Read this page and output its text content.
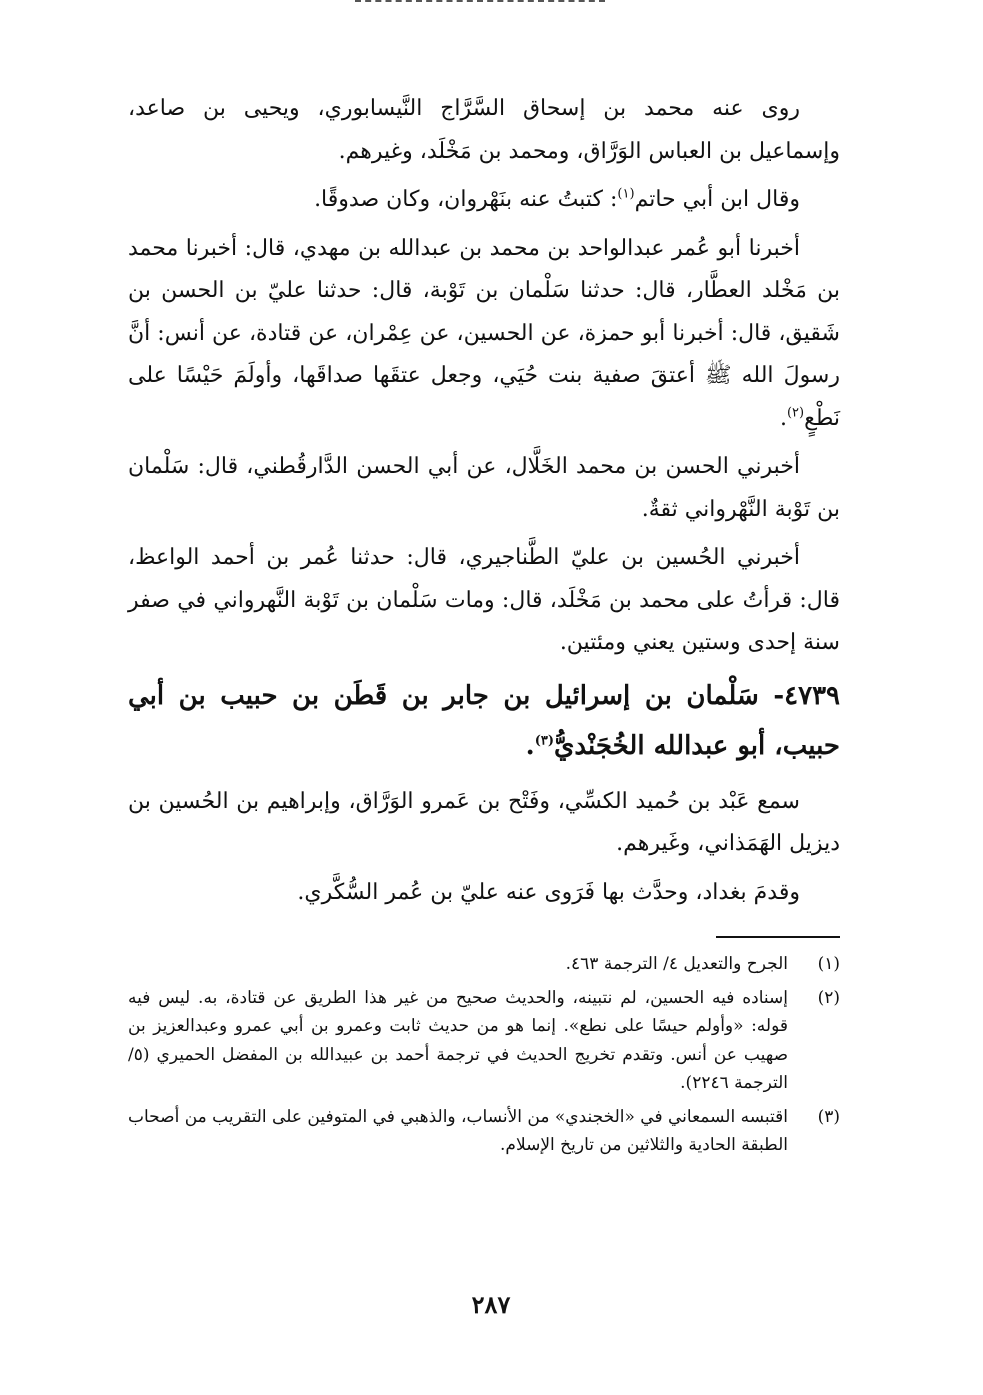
روى عنه محمد بن إسحاق السَّرَّاج النَّيسابوري، ويحيى بن صاعد، وإسماعيل بن العباس الوَرَّاق، ومحمد بن مَخْلَد، وغيرهم.

وقال ابن أبي حاتم$^{(١)}$: كتبتُ عنه بنَهْروان، وكان صدوقًا.

أخبرنا أبو عُمر عبدالواحد بن محمد بن عبدالله بن مهدي، قال: أخبرنا محمد بن مَخْلد العطَّار، قال: حدثنا سَلْمان بن تَوْبة، قال: حدثنا عليّ بن الحسن بن شَقيق، قال: أخبرنا أبو حمزة، عن الحسين، عن عِمْران، عن قتادة، عن أنس: أنَّ رسولَ الله ﷺ أعتقَ صفية بنت حُيَي، وجعل عتقَها صداقَها، وأولَمَ حَيْسًا على نَطْعٍ$^{(٢)}$.

أخبرني الحسن بن محمد الخَلَّال، عن أبي الحسن الدَّارقُطني، قال: سَلْمان بن تَوْبة النَّهْرواني ثقةٌ.

أخبرني الحُسين بن عليّ الطَّناجيري، قال: حدثنا عُمر بن أحمد الواعظ، قال: قرأتُ على محمد بن مَخْلَد، قال: ومات سَلْمان بن تَوْبة النَّهرواني في صفر سنة إحدى وستين يعني ومئتين.

٤٧٣٩- سَلْمان بن إسرائيل بن جابر بن قَطَن بن حبيب بن أبي حبيب، أبو عبدالله الخُجَنْديُّ$^{(٣)}$.

سمع عَبْد بن حُميد الكسِّي، وفَتْح بن عَمرو الوَرَّاق، وإبراهيم بن الحُسين بن ديزيل الهَمَذاني، وغَيرهم.

وقدمَ بغداد، وحدَّث بها فَرَوى عنه عليّ بن عُمر السُّكَّري.

(١)
الجرح والتعديل ٤/ الترجمة ٤٦٣.
(٢)
إسناده فيه الحسين، لم نتبينه، والحديث صحيح من غير هذا الطريق عن قتادة، به. ليس فيه قوله: «وأولم حيسًا على نطع». إنما هو من حديث ثابت وعمرو بن أبي عمرو وعبدالعزيز بن صهيب عن أنس. وتقدم تخريج الحديث في ترجمة أحمد بن عبيدالله بن المفضل الحميري (٥/ الترجمة ٢٢٤٦).
(٣)
اقتبسه السمعاني في «الخجندي» من الأنساب، والذهبي في المتوفين على التقريب من أصحاب الطبقة الحادية والثلاثين من تاريخ الإسلام.
٢٨٧
